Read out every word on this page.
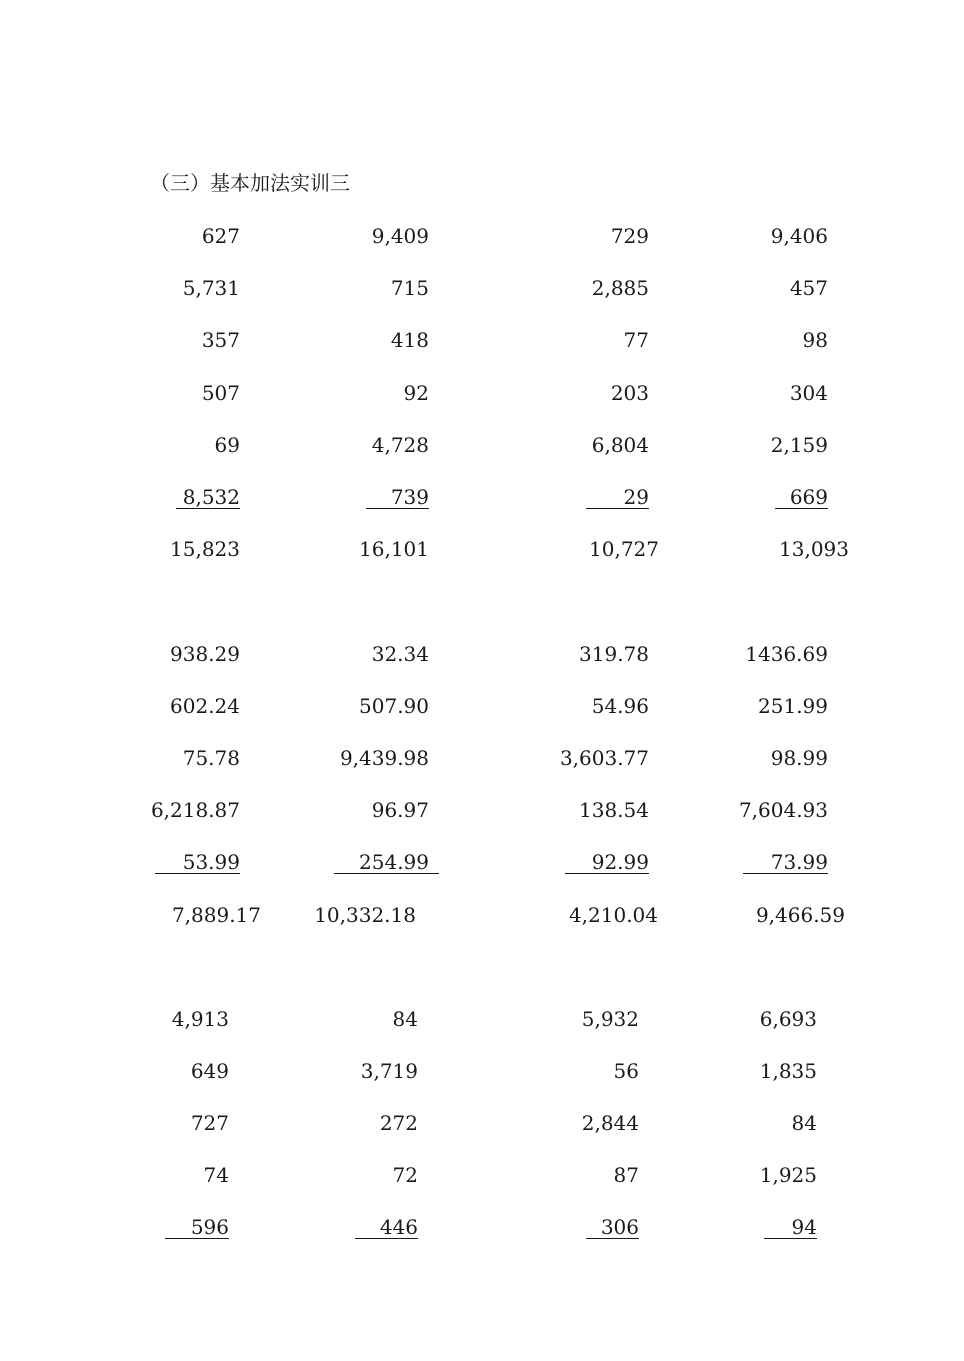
（三）基本加法实训三
627
5,731
357
507
69
8,532
15,823
9,409
715
418
92
4,728
739
16,101
729
2,885
77
203
6,804
29
10,727
9,406
457
98
304
2,159
669
13,093
938.29
602.24
75.78
6,218.87
53.99
7,889.17
32.34
507.90
9,439.98
96.97
254.99
10,332.18
319.78
54.96
3,603.77
138.54
92.99
4,210.04
1436.69
251.99
98.99
7,604.93
73.99
9,466.59
4,913
649
727
74
596
84
3,719
272
72
446
5,932
56
2,844
87
306
6,693
1,835
84
1,925
94
